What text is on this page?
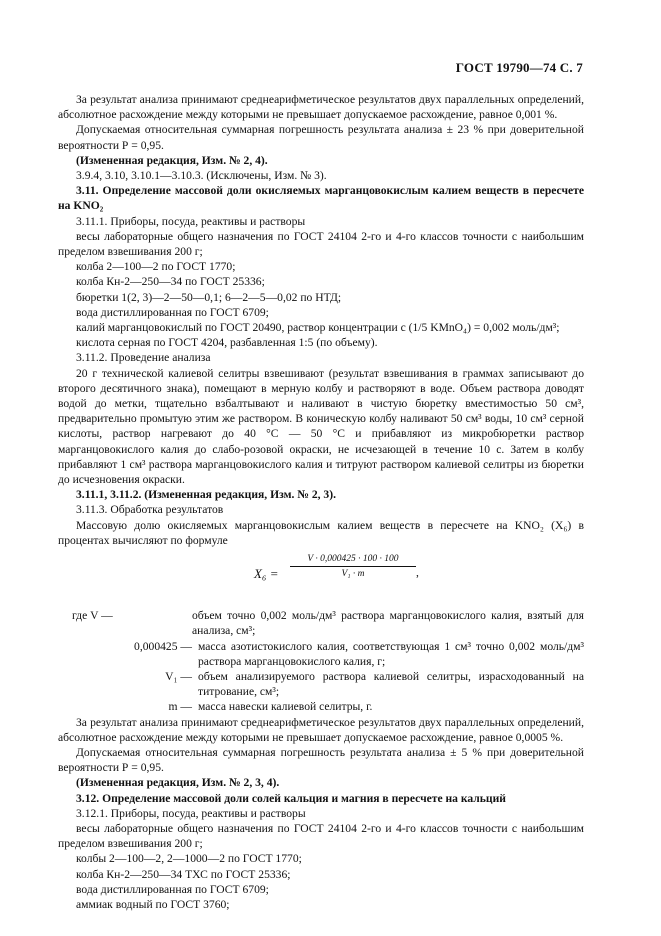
ГОСТ 19790—74 С. 7

За результат анализа принимают среднеарифметическое результатов двух параллельных определений, абсолютное расхождение между которыми не превышает допускаемое расхождение, равное 0,001 %.

Допускаемая относительная суммарная погрешность результата анализа ± 23 % при доверительной вероятности Р = 0,95.

(Измененная редакция, Изм. № 2, 4).

3.9.4, 3.10, 3.10.1—3.10.3. (Исключены, Изм. № 3).

3.11. Определение массовой доли окисляемых марганцовокислым калием веществ в пересчете на KNO₂

3.11.1. Приборы, посуда, реактивы и растворы

весы лабораторные общего назначения по ГОСТ 24104 2-го и 4-го классов точности с наибольшим пределом взвешивания 200 г;

колба 2—100—2 по ГОСТ 1770;

колба Кн-2—250—34 по ГОСТ 25336;

бюретки 1(2, 3)—2—50—0,1; 6—2—5—0,02 по НТД;

вода дистиллированная по ГОСТ 6709;

калий марганцовокислый по ГОСТ 20490, раствор концентрации с (1/5 KMnO₄) = 0,002 моль/дм³;

кислота серная по ГОСТ 4204, разбавленная 1:5 (по объему).

3.11.2. Проведение анализа

20 г технической калиевой селитры взвешивают (результат взвешивания в граммах записывают до второго десятичного знака), помещают в мерную колбу и растворяют в воде. Объем раствора доводят водой до метки, тщательно взбалтывают и наливают в чистую бюретку вместимостью 50 см³, предварительно промытую этим же раствором. В коническую колбу наливают 50 см³ воды, 10 см³ серной кислоты, раствор нагревают до 40 °С — 50 °С и прибавляют из микробюретки раствор марганцовокислого калия до слабо-розовой окраски, не исчезающей в течение 10 с. Затем в колбу прибавляют 1 см³ раствора марганцовокислого калия и титруют раствором калиевой селитры из бюретки до исчезновения окраски.

3.11.1, 3.11.2. (Измененная редакция, Изм. № 2, 3).

3.11.3. Обработка результатов

Массовую долю окисляемых марганцовокислым калием веществ в пересчете на KNO₂ (X₆) в процентах вычисляют по формуле

$X_6 = \frac{V \cdot 0,000425 \cdot 100 \cdot 100}{\text{V₁ · m}}$ ,
где V —	объем точно 0,002 моль/дм³ раствора марганцовокислого калия, взятый для анализа, см³;
0,000425 — масса азотистокислого калия, соответствующая 1 см³ точно 0,002 моль/дм³ раствора марганцовокислого калия, г;
V₁ — объем анализируемого раствора калиевой селитры, израсходованный на титрование, см³;
m — масса навески калиевой селитры, г.

За результат анализа принимают среднеарифметическое результатов двух параллельных определений, абсолютное расхождение между которыми не превышает допускаемое расхождение, равное 0,0005 %.

Допускаемая относительная суммарная погрешность результата анализа ± 5 % при доверительной вероятности Р = 0,95.

(Измененная редакция, Изм. № 2, 3, 4).

3.12. Определение массовой доли солей кальция и магния в пересчете на кальций

3.12.1. Приборы, посуда, реактивы и растворы

весы лабораторные общего назначения по ГОСТ 24104 2-го и 4-го классов точности с наибольшим пределом взвешивания 200 г;

колбы 2—100—2, 2—1000—2 по ГОСТ 1770;

колба Кн-2—250—34 ТХС по ГОСТ 25336;

вода дистиллированная по ГОСТ 6709;

аммиак водный по ГОСТ 3760;
